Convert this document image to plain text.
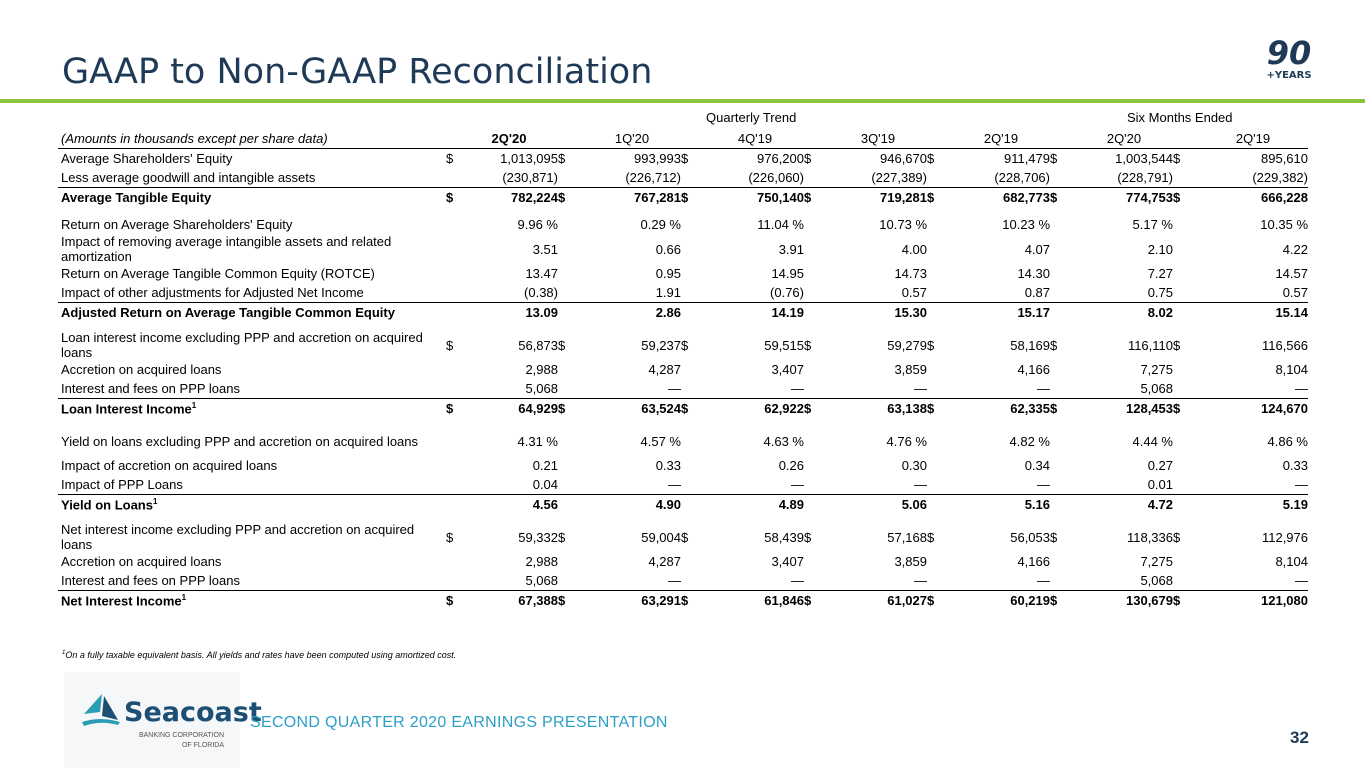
GAAP to Non-GAAP Reconciliation	90
+YEARS
Quarterly Trend	Six Months Ended
(Amounts in thousands except per share data)		2Q'20		1Q'20		4Q'19		3Q'19		2Q'19		2Q'20		2Q'19
Average Shareholders' Equity	$	1,013,095	$	993,993	$	976,200	$	946,670	$	911,479	$	1,003,544	$	895,610
Less average goodwill and intangible assets		(230,871)		(226,712)		(226,060)		(227,389)		(228,706)		(228,791)		(229,382)
Average Tangible Equity	$	782,224	$	767,281	$	750,140	$	719,281	$	682,773	$	774,753	$	666,228

Return on Average Shareholders' Equity		9.96 %		0.29 %		11.04 %		10.73 %		10.23 %		5.17 %		10.35 %
Impact of removing average intangible assets and related amortization		3.51		0.66		3.91		4.00		4.07		2.10		4.22
Return on Average Tangible Common Equity (ROTCE)		13.47		0.95		14.95		14.73		14.30		7.27		14.57
Impact of other adjustments for Adjusted Net Income		(0.38)		1.91		(0.76)		0.57		0.87		0.75		0.57
Adjusted Return on Average Tangible Common Equity		13.09		2.86		14.19		15.30		15.17		8.02		15.14

Loan interest income excluding PPP and accretion on acquired loans	$	56,873	$	59,237	$	59,515	$	59,279	$	58,169	$	116,110	$	116,566
Accretion on acquired loans		2,988		4,287		3,407		3,859		4,166		7,275		8,104
Interest and fees on PPP loans		5,068		—		—		—		—		5,068		—
Loan Interest Income$^1$	$	64,929	$	63,524	$	62,922	$	63,138	$	62,335	$	128,453	$	124,670

Yield on loans excluding PPP and accretion on acquired loans		4.31 %		4.57 %		4.63 %		4.76 %		4.82 %		4.44 %		4.86 %
Impact of accretion on acquired loans		0.21		0.33		0.26		0.30		0.34		0.27		0.33
Impact of PPP Loans		0.04		—		—		—		—		0.01		—
Yield on Loans$^1$		4.56		4.90		4.89		5.06		5.16		4.72		5.19

Net interest income excluding PPP and accretion on acquired loans	$	59,332	$	59,004	$	58,439	$	57,168	$	56,053	$	118,336	$	112,976
Accretion on acquired loans		2,988		4,287		3,407		3,859		4,166		7,275		8,104
Interest and fees on PPP loans		5,068		—		—		—		—		5,068		—
Net Interest Income$^1$	$	67,388	$	63,291	$	61,846	$	61,027	$	60,219	$	130,679	$	121,080
$^1$On a fully taxable equivalent basis. All yields and rates have been computed using amortized cost.
Seacoast
BANKING CORPORATION
OF FLORIDA
SECOND QUARTER 2020 EARNINGS PRESENTATION
32
